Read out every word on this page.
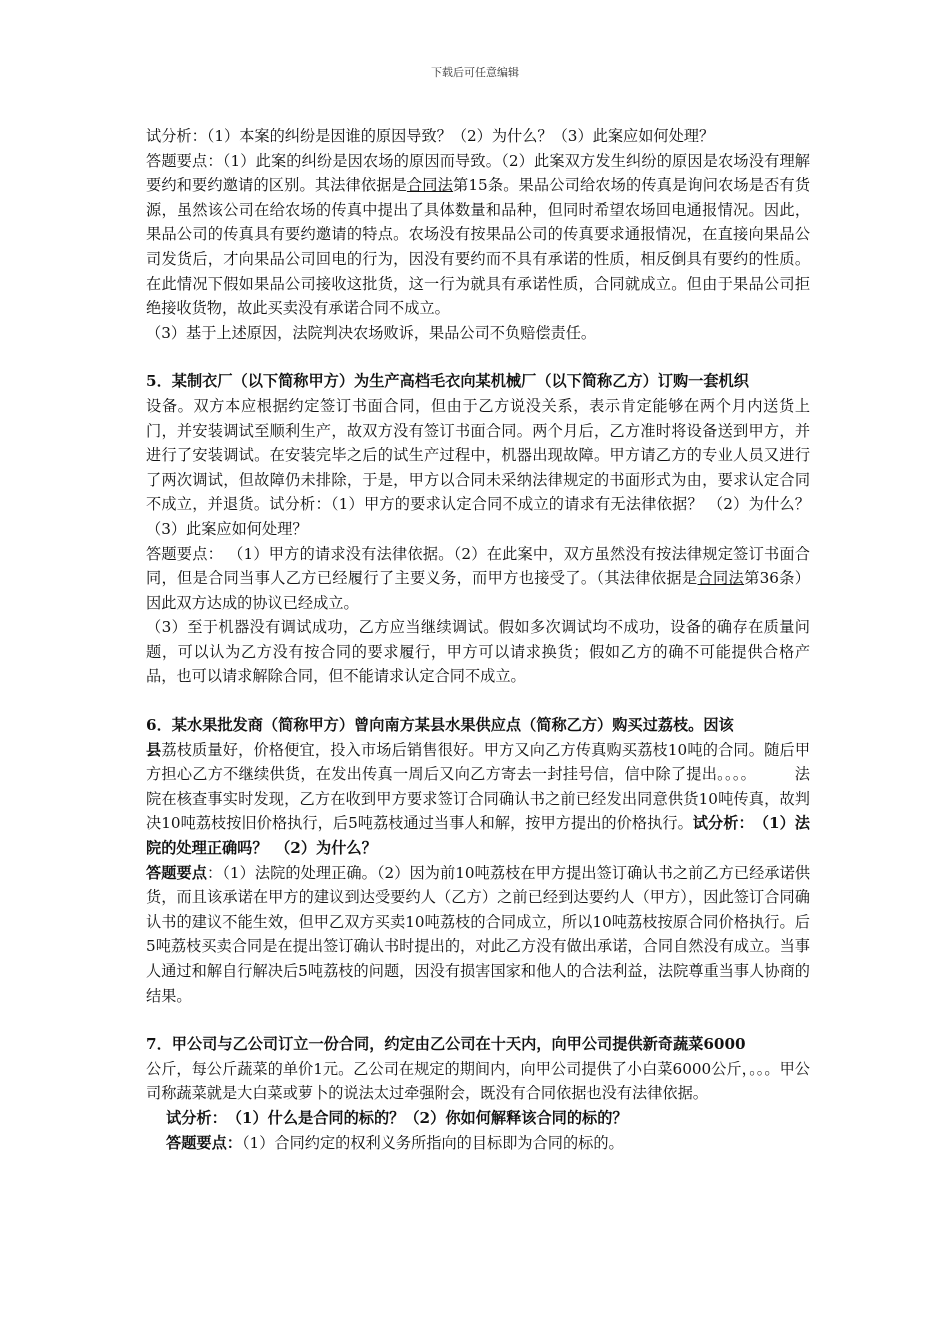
下载后可任意编辑

试分析：（1）本案的纠纷是因谁的原因导致？（2）为什么？（3）此案应如何处理？

答题要点：（1）此案的纠纷是因农场的原因而导致。（2）此案双方发生纠纷的原因是农场没有理解要约和要约邀请的区别。其法律依据是合同法第15条。果品公司给农场的传真是询问农场是否有货源，虽然该公司在给农场的传真中提出了具体数量和品种，但同时希望农场回电通报情况。因此，果品公司的传真具有要约邀请的特点。农场没有按果品公司的传真要求通报情况，在直接向果品公司发货后，才向果品公司回电的行为，因没有要约而不具有承诺的性质，相反倒具有要约的性质。在此情况下假如果品公司接收这批货，这一行为就具有承诺性质，合同就成立。但由于果品公司拒绝接收货物，故此买卖没有承诺合同不成立。

（3）基于上述原因，法院判决农场败诉，果品公司不负赔偿责任。

5．某制衣厂（以下简称甲方）为生产高档毛衣向某机械厂（以下简称乙方）订购一套机织

设备。双方本应根据约定签订书面合同，但由于乙方说没关系，表示肯定能够在两个月内送货上门，并安装调试至顺利生产，故双方没有签订书面合同。两个月后，乙方准时将设备送到甲方，并进行了安装调试。在安装完毕之后的试生产过程中，机器出现故障。甲方请乙方的专业人员又进行了两次调试，但故障仍未排除，于是，甲方以合同未采纳法律规定的书面形式为由，要求认定合同不成立，并退货。试分析：（1）甲方的要求认定合同不成立的请求有无法律依据？ （2）为什么？（3）此案应如何处理？

答题要点： （1）甲方的请求没有法律依据。（2）在此案中，双方虽然没有按法律规定签订书面合同，但是合同当事人乙方已经履行了主要义务，而甲方也接受了。（其法律依据是合同法第36条）因此双方达成的协议已经成立。

（3）至于机器没有调试成功，乙方应当继续调试。假如多次调试均不成功，设备的确存在质量问题，可以认为乙方没有按合同的要求履行，甲方可以请求换货；假如乙方的确不可能提供合格产品，也可以请求解除合同，但不能请求认定合同不成立。

6．某水果批发商（简称甲方）曾向南方某县水果供应点（简称乙方）购买过荔枝。因该

县荔枝质量好，价格便宜，投入市场后销售很好。甲方又向乙方传真购买荔枝10吨的合同。随后甲方担心乙方不继续供货，在发出传真一周后又向乙方寄去一封挂号信，信中除了提出。。。。　　　法院在核查事实时发现，乙方在收到甲方要求签订合同确认书之前已经发出同意供货10吨传真，故判决10吨荔枝按旧价格执行，后5吨荔枝通过当事人和解，按甲方提出的价格执行。试分析：　（1）法院的处理正确吗？　（2）为什么？

答题要点：（1）法院的处理正确。（2）因为前10吨荔枝在甲方提出签订确认书之前乙方已经承诺供货，而且该承诺在甲方的建议到达受要约人（乙方）之前已经到达要约人（甲方），因此签订合同确认书的建议不能生效，但甲乙双方买卖10吨荔枝的合同成立，所以10吨荔枝按原合同价格执行。后5吨荔枝买卖合同是在提出签订确认书时提出的，对此乙方没有做出承诺，合同自然没有成立。当事人通过和解自行解决后5吨荔枝的问题，因没有损害国家和他人的合法利益，法院尊重当事人协商的结果。

7．甲公司与乙公司订立一份合同，约定由乙公司在十天内，向甲公司提供新奇蔬菜6000

公斤，每公斤蔬菜的单价1元。乙公司在规定的期间内，向甲公司提供了小白菜6000公斤，。。。甲公司称蔬菜就是大白菜或萝卜的说法太过牵强附会，既没有合同依据也没有法律依据。

试分析：　（1）什么是合同的标的？（2）你如何解释该合同的标的？

答题要点：（1）合同约定的权利义务所指向的目标即为合同的标的。
